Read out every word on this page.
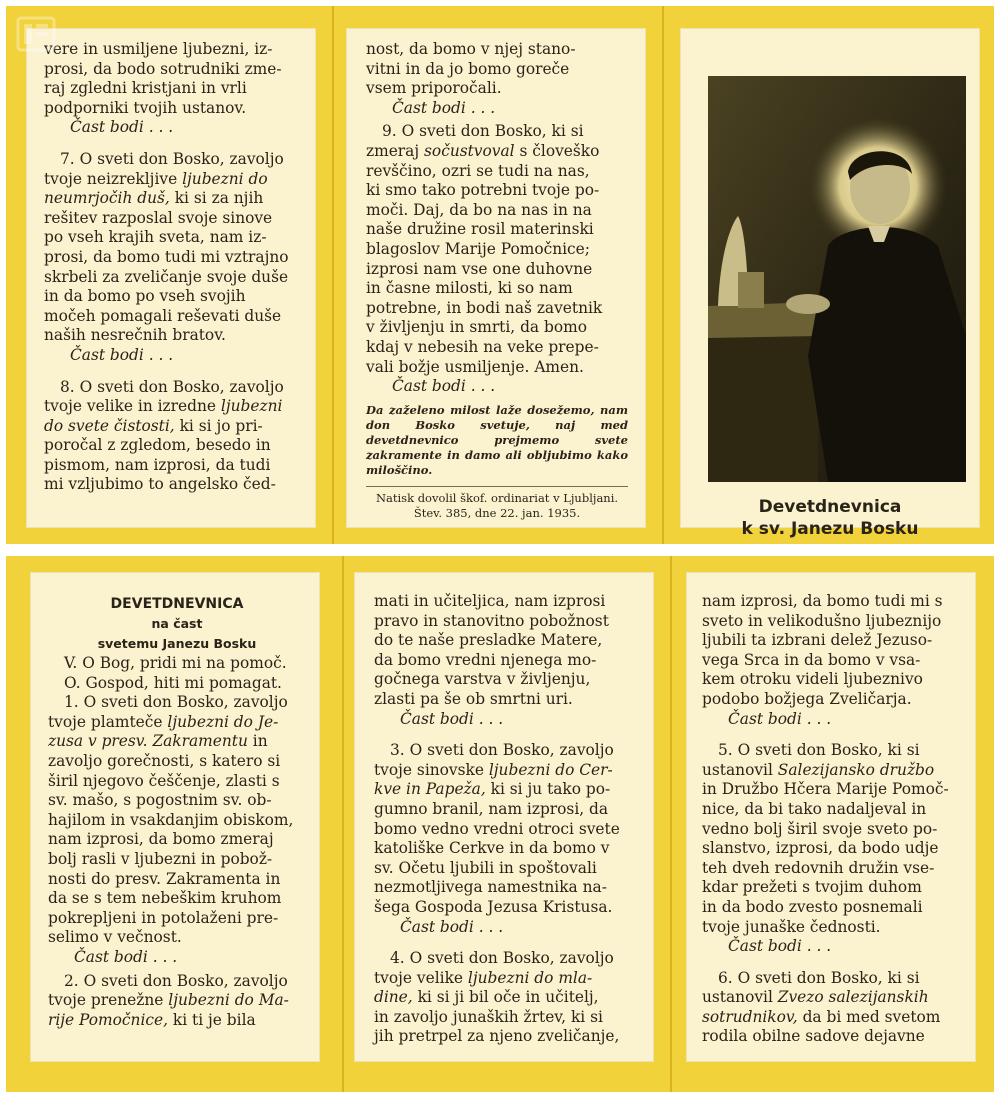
vere in usmiljene ljubezni, iz-

prosi, da bodo sotrudniki zme-

raj zgledni kristjani in vrli

podporniki tvojih ustanov.

Čast bodi . . .

7. O sveti don Bosko, zavoljo

tvoje neizrekljive ljubezni do

neumrjočih duš, ki si za njih

rešitev razposlal svoje sinove

po vseh krajih sveta, nam iz-

prosi, da bomo tudi mi vztrajno

skrbeli za zveličanje svoje duše

in da bomo po vseh svojih

močeh pomagali reševati duše

naših nesrečnih bratov.

Čast bodi . . .

8. O sveti don Bosko, zavoljo

tvoje velike in izredne ljubezni

do svete čistosti, ki si jo pri-

poročal z zgledom, besedo in

pismom, nam izprosi, da tudi

mi vzljubimo to angelsko čed-

nost, da bomo v njej stano-

vitni in da jo bomo goreče

vsem priporočali.

Čast bodi . . .

9. O sveti don Bosko, ki si

zmeraj sočustvoval s človeško

revščino, ozri se tudi na nas,

ki smo tako potrebni tvoje po-

moči. Daj, da bo na nas in na

naše družine rosil materinski

blagoslov Marije Pomočnice;

izprosi nam vse one duhovne

in časne milosti, ki so nam

potrebne, in bodi naš zavetnik

v življenju in smrti, da bomo

kdaj v nebesih na veke prepe-

vali božje usmiljenje. Amen.

Čast bodi . . .

Da zaželeno milost laže dosežemo, nam don Bosko svetuje, naj med devetdnevnico prejmemo svete zakramente in damo ali obljubimo kako miloščino.

Natisk dovolil škof. ordinariat v Ljubljani.
Štev. 385, dne 22. jan. 1935.	Devetdnevnica
k sv. Janezu Bosku
DEVETDNEVNICA
na čast
svetemu Janezu Bosku

V. O Bog, pridi mi na pomoč.

O. Gospod, hiti mi pomagat.

1. O sveti don Bosko, zavoljo

tvoje plamteče ljubezni do Je-

zusa v presv. Zakramentu in

zavoljo gorečnosti, s katero si

širil njegovo češčenje, zlasti s

sv. mašo, s pogostnim sv. ob-

hajilom in vsakdanjim obiskom,

nam izprosi, da bomo zmeraj

bolj rasli v ljubezni in pobož-

nosti do presv. Zakramenta in

da se s tem nebeškim kruhom

pokrepljeni in potolaženi pre-

selimo v večnost.

Čast bodi . . .

2. O sveti don Bosko, zavoljo

tvoje prenežne ljubezni do Ma-

rije Pomočnice, ki ti je bila

mati in učiteljica, nam izprosi

pravo in stanovitno pobožnost

do te naše presladke Matere,

da bomo vredni njenega mo-

gočnega varstva v življenju,

zlasti pa še ob smrtni uri.

Čast bodi . . .

3. O sveti don Bosko, zavoljo

tvoje sinovske ljubezni do Cer-

kve in Papeža, ki si ju tako po-

gumno branil, nam izprosi, da

bomo vedno vredni otroci svete

katoliške Cerkve in da bomo v

sv. Očetu ljubili in spoštovali

nezmotljivega namestnika na-

šega Gospoda Jezusa Kristusa.

Čast bodi . . .

4. O sveti don Bosko, zavoljo

tvoje velike ljubezni do mla-

dine, ki si ji bil oče in učitelj,

in zavoljo junaških žrtev, ki si

jih pretrpel za njeno zveličanje,

nam izprosi, da bomo tudi mi s

sveto in velikodušno ljubeznijo

ljubili ta izbrani delež Jezuso-

vega Srca in da bomo v vsa-

kem otroku videli ljubeznivo

podobo božjega Zveličarja.

Čast bodi . . .

5. O sveti don Bosko, ki si

ustanovil Salezijansko družbo

in Družbo Hčera Marije Pomoč-

nice, da bi tako nadaljeval in

vedno bolj širil svoje sveto po-

slanstvo, izprosi, da bodo udje

teh dveh redovnih družin vse-

kdar prežeti s tvojim duhom

in da bodo zvesto posnemali

tvoje junaške čednosti.

Čast bodi . . .

6. O sveti don Bosko, ki si

ustanovil Zvezo salezijanskih

sotrudnikov, da bi med svetom

rodila obilne sadove dejavne
